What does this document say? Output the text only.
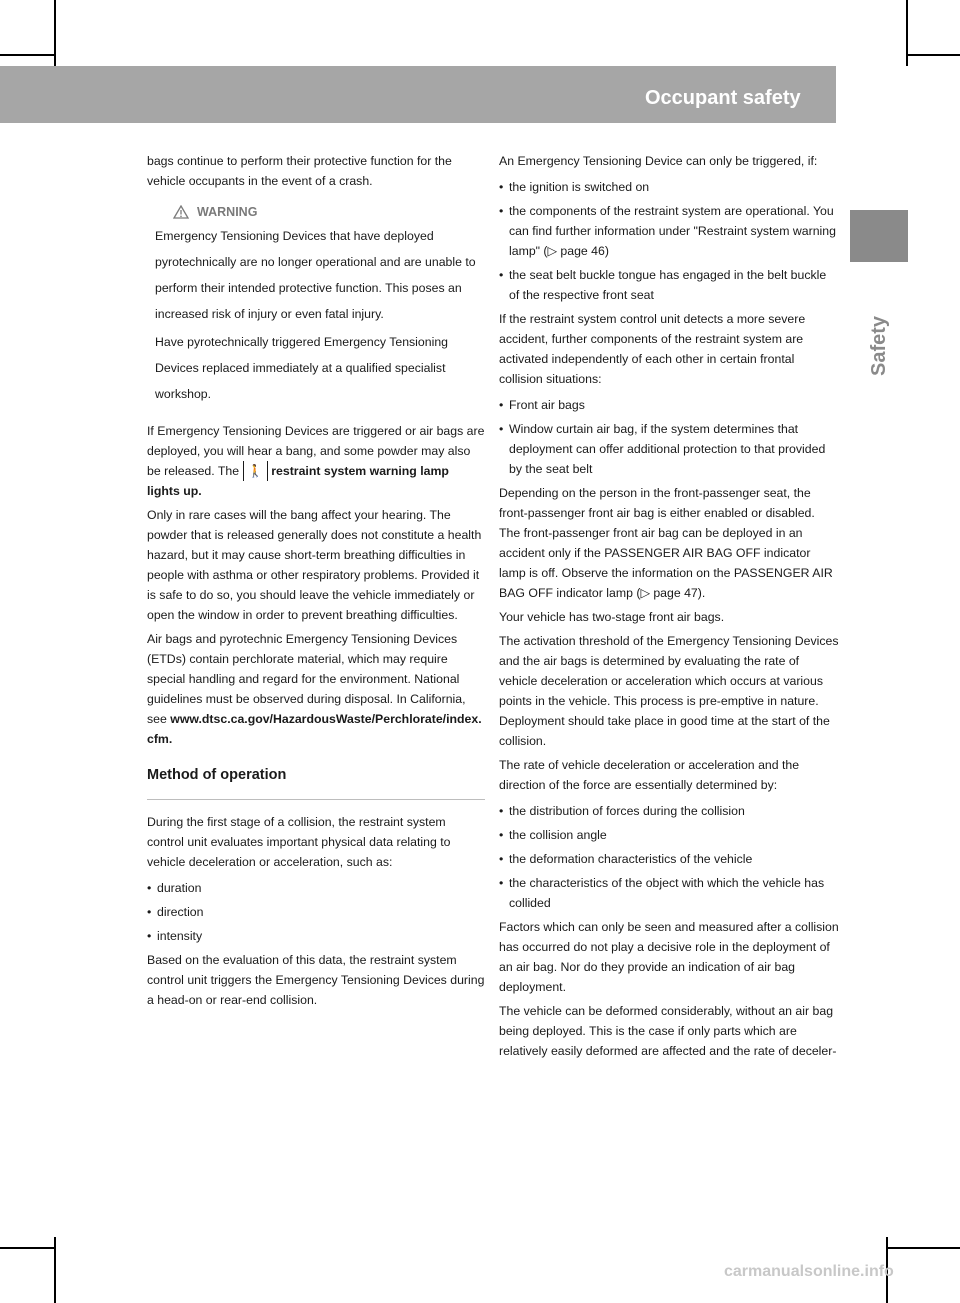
Occupant safety 59
Safety

bags continue to perform their protective function for the vehicle occupants in the event of a crash.

WARNING

Emergency Tensioning Devices that have deployed pyrotechnically are no longer operational and are unable to perform their intended protective function. This poses an increased risk of injury or even fatal injury.

Have pyrotechnically triggered Emergency Tensioning Devices replaced immediately at a qualified specialist workshop.

If Emergency Tensioning Devices are triggered or air bags are deployed, you will hear a bang, and some powder may also be released. The 🚶 restraint system warning lamp lights up.

Only in rare cases will the bang affect your hearing. The powder that is released generally does not constitute a health hazard, but it may cause short-term breathing difficulties in people with asthma or other respiratory problems. Provided it is safe to do so, you should leave the vehicle immediately or open the window in order to prevent breathing difficulties.

Air bags and pyrotechnic Emergency Tensioning Devices (ETDs) contain perchlorate material, which may require special handling and regard for the environment. National guidelines must be observed during disposal. In California, see www.dtsc.ca.gov/HazardousWaste/Perchlorate/index.cfm.

Method of operation

During the first stage of a collision, the restraint system control unit evaluates important physical data relating to vehicle deceleration or acceleration, such as:

• duration
• direction
• intensity

Based on the evaluation of this data, the restraint system control unit triggers the Emergency Tensioning Devices during a head-on or rear-end collision.

An Emergency Tensioning Device can only be triggered, if:

• the ignition is switched on
• the components of the restraint system are operational. You can find further information under "Restraint system warning lamp" (▷ page 46)
• the seat belt buckle tongue has engaged in the belt buckle of the respective front seat

If the restraint system control unit detects a more severe accident, further components of the restraint system are activated independently of each other in certain frontal collision situations:

• Front air bags
• Window curtain air bag, if the system determines that deployment can offer additional protection to that provided by the seat belt

Depending on the person in the front-passenger seat, the front-passenger front air bag is either enabled or disabled. The front-passenger front air bag can be deployed in an accident only if the PASSENGER AIR BAG OFF indicator lamp is off. Observe the information on the PASSENGER AIR BAG OFF indicator lamp (▷ page 47).

Your vehicle has two-stage front air bags.

The activation threshold of the Emergency Tensioning Devices and the air bags is determined by evaluating the rate of vehicle deceleration or acceleration which occurs at various points in the vehicle. This process is pre-emptive in nature. Deployment should take place in good time at the start of the collision.

The rate of vehicle deceleration or acceleration and the direction of the force are essentially determined by:

• the distribution of forces during the collision
• the collision angle
• the deformation characteristics of the vehicle
• the characteristics of the object with which the vehicle has collided

Factors which can only be seen and measured after a collision has occurred do not play a decisive role in the deployment of an air bag. Nor do they provide an indication of air bag deployment.

The vehicle can be deformed considerably, without an air bag being deployed. This is the case if only parts which are relatively easily deformed are affected and the rate of deceler-

carmanualsonline.info
